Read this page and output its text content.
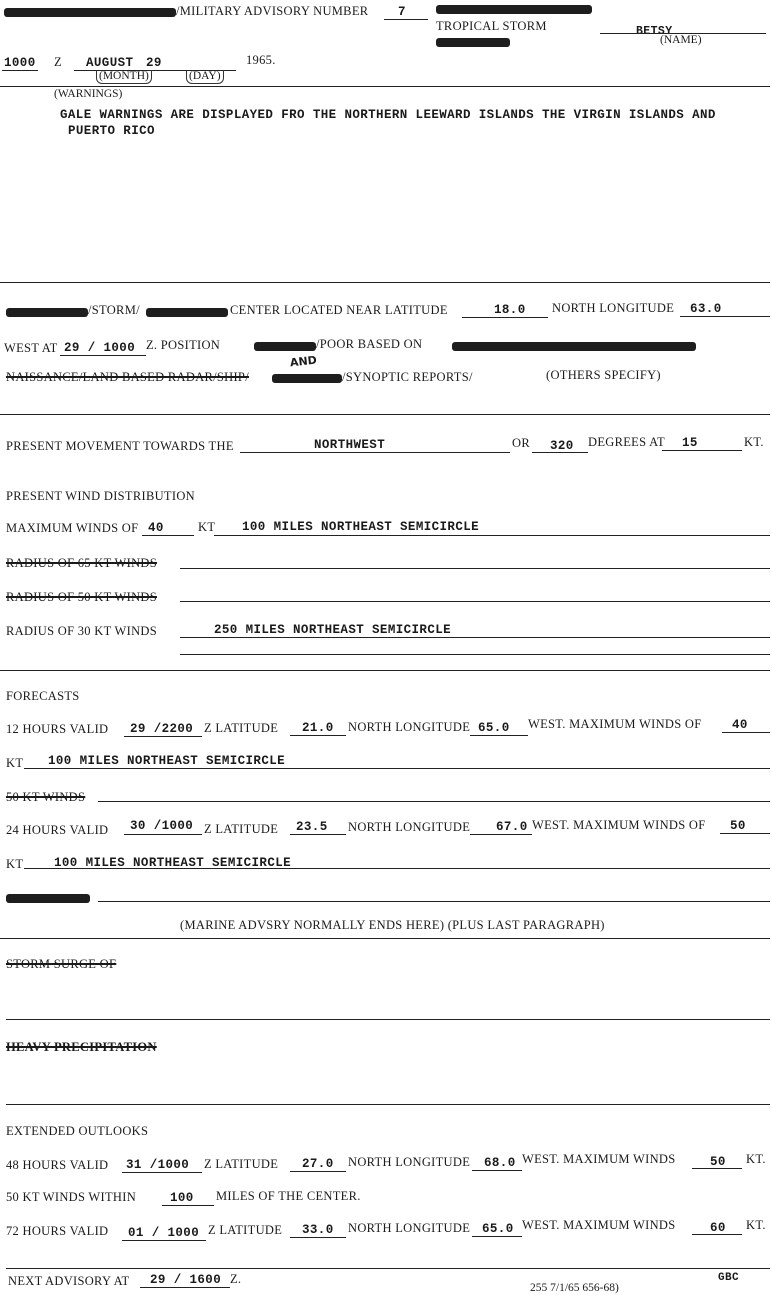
/MILITARY ADVISORY NUMBER 7
TROPICAL STORM	BETSY
(NAME)
1000 Z AUGUST 29	1965.
(MONTH)	(DAY)
(WARNINGS)
GALE WARNINGS ARE DISPLAYED FRO THE NORTHERN LEEWARD ISLANDS THE VIRGIN ISLANDS AND
PUERTO RICO
/STORM/	CENTER LOCATED NEAR LATITUDE	18.0 NORTH LONGITUDE 63.0
WEST AT 29 / 1000 Z. POSITION	/POOR BASED ON
NAISSANCE/LAND BASED RADAR/SHIP/
AND
/SYNOPTIC REPORTS/	(OTHERS SPECIFY)
PRESENT MOVEMENT TOWARDS THE	NORTHWEST	OR 320 DEGREES AT 15	KT.
PRESENT WIND DISTRIBUTION
MAXIMUM WINDS OF 40	KT 100 MILES NORTHEAST SEMICIRCLE
RADIUS OF 65 KT WINDS
RADIUS OF 50 KT WINDS
RADIUS OF 30 KT WINDS	250 MILES NORTHEAST SEMICIRCLE
FORECASTS
12 HOURS VALID 29 /2200 Z LATITUDE 21.0 NORTH LONGITUDE 65.0 WEST. MAXIMUM WINDS OF 40
KT 100 MILES NORTHEAST SEMICIRCLE
50 KT WINDS
24 HOURS VALID 30 /1000 Z LATITUDE 23.5 NORTH LONGITUDE 67.0 WEST. MAXIMUM WINDS OF 50
KT 100 MILES NORTHEAST SEMICIRCLE
(MARINE ADVSRY NORMALLY ENDS HERE) (PLUS LAST PARAGRAPH)
STORM SURGE OF
HEAVY PRECIPITATION
EXTENDED OUTLOOKS
48 HOURS VALID 31 /1000 Z LATITUDE 27.0 NORTH LONGITUDE 68.0 WEST. MAXIMUM WINDS	50 KT.
50 KT WINDS WITHIN	100 MILES OF THE CENTER.
72 HOURS VALID 01 / 1000 Z LATITUDE 33.0 NORTH LONGITUDE 65.0 WEST. MAXIMUM WINDS	60 KT.
NEXT ADVISORY AT 29 / 1600 Z.	GBC
255 7/1/65 656-68)
